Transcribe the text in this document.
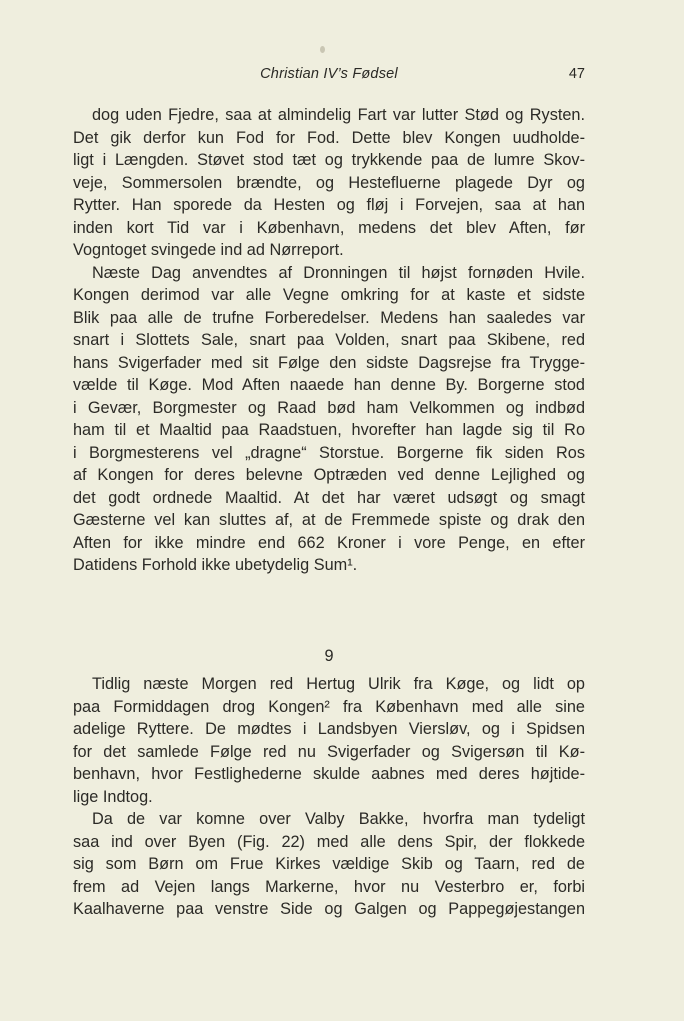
Christian IV’s Fødsel	47
dog uden Fjedre, saa at almindelig Fart var lutter Stød og Rysten.
Det gik derfor kun Fod for Fod. Dette blev Kongen uudholde-
ligt i Længden. Støvet stod tæt og trykkende paa de lumre Skov-
veje, Sommersolen brændte, og Hestefluerne plagede Dyr og
Rytter. Han sporede da Hesten og fløj i Forvejen, saa at han
inden kort Tid var i København, medens det blev Aften, før
Vogntoget svingede ind ad Nørreport.
Næste Dag anvendtes af Dronningen til højst fornøden Hvile.
Kongen derimod var alle Vegne omkring for at kaste et sidste
Blik paa alle de trufne Forberedelser. Medens han saaledes var
snart i Slottets Sale, snart paa Volden, snart paa Skibene, red
hans Svigerfader med sit Følge den sidste Dagsrejse fra Trygge-
vælde til Køge. Mod Aften naaede han denne By. Borgerne stod
i Gevær, Borgmester og Raad bød ham Velkommen og indbød
ham til et Maaltid paa Raadstuen, hvorefter han lagde sig til Ro
i Borgmesterens vel „dragne“ Storstue. Borgerne fik siden Ros
af Kongen for deres belevne Optræden ved denne Lejlighed og
det godt ordnede Maaltid. At det har været udsøgt og smagt
Gæsterne vel kan sluttes af, at de Fremmede spiste og drak den
Aften for ikke mindre end 662 Kroner i vore Penge, en efter
Datidens Forhold ikke ubetydelig Sum¹.
9
Tidlig næste Morgen red Hertug Ulrik fra Køge, og lidt op
paa Formiddagen drog Kongen² fra København med alle sine
adelige Ryttere. De mødtes i Landsbyen Viersløv, og i Spidsen
for det samlede Følge red nu Svigerfader og Svigersøn til Kø-
benhavn, hvor Festlighederne skulde aabnes med deres højtide-
lige Indtog.
Da de var komne over Valby Bakke, hvorfra man tydeligt
saa ind over Byen (Fig. 22) med alle dens Spir, der flokkede
sig som Børn om Frue Kirkes vældige Skib og Taarn, red de
frem ad Vejen langs Markerne, hvor nu Vesterbro er, forbi
Kaalhaverne paa venstre Side og Galgen og Pappegøjestangen
